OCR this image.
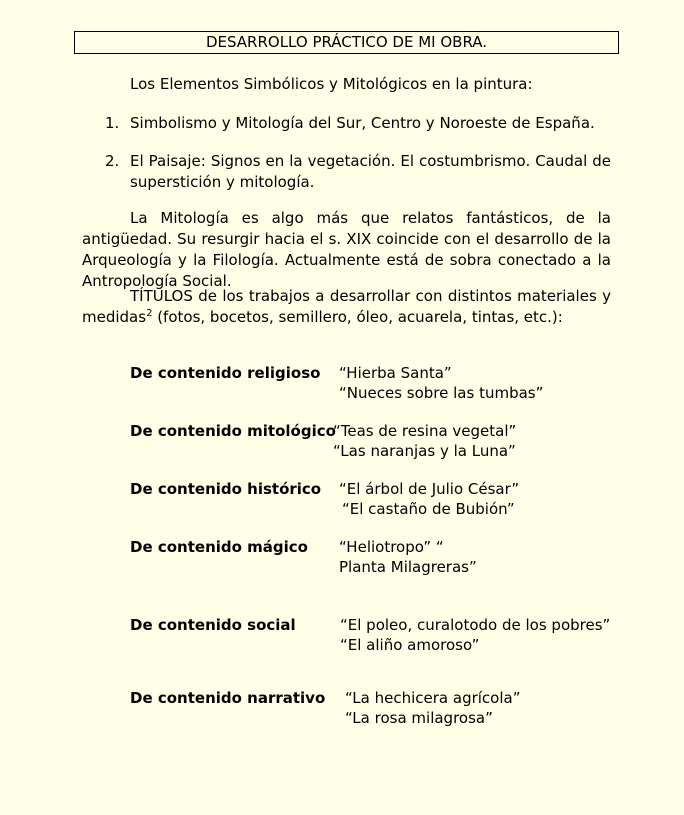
DESARROLLO PRÁCTICO DE MI OBRA.
Los Elementos Simbólicos y Mitológicos en la pintura:
1. Simbolismo y Mitología del Sur, Centro y Noroeste de España.
2. El Paisaje: Signos en la vegetación. El costumbrismo. Caudal de superstición y mitología.
La Mitología es algo más que relatos fantásticos, de la antigüedad. Su resurgir hacia el s. XIX coincide con el desarrollo de la Arqueología y la Filología. Actualmente está de sobra conectado a la Antropología Social.
TÍTULOS de los trabajos a desarrollar con distintos materiales y medidas$^2$ (fotos, bocetos, semillero, óleo, acuarela, tintas, etc.):
De contenido religioso “Hierba Santa”
“Nueces sobre las tumbas”
De contenido mitológico
“Teas de resina vegetal”
“Las naranjas y la Luna”
De contenido histórico “El árbol de Julio César”
“El castaño de Bubión”
De contenido mágico “Heliotropo” “
Planta Milagreras”
De contenido social	“El poleo, curalotodo de los pobres”
“El aliño amoroso”
De contenido narrativo “La hechicera agrícola”
“La rosa milagrosa”
